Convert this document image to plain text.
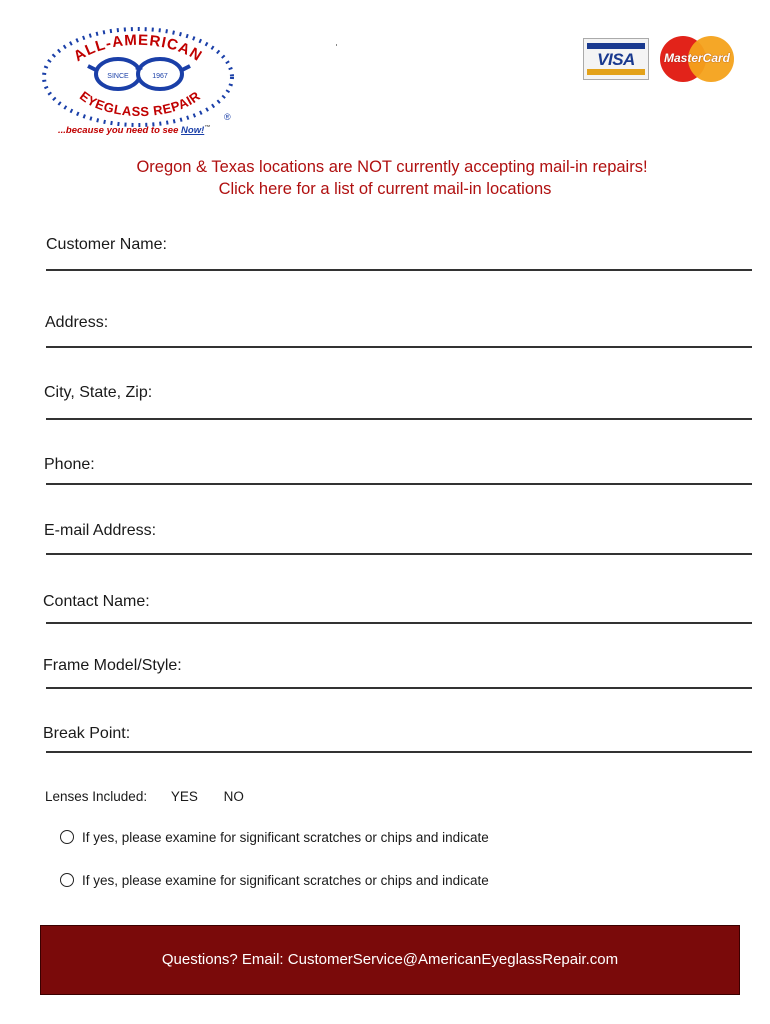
ALL-AMERICAN
EYEGLASS REPAIR
SINCE	1967
®
...because you need to see Now!™
VISA	MasterCard
Oregon & Texas locations are NOT currently accepting mail-in repairs!
Click here for a list of current mail-in locations
Customer Name:
Address:
City, State, Zip:
Phone:
E-mail Address:
Contact Name:
Frame Model/Style:
Break Point:
Lenses Included: YES NO
If yes, please examine for significant scratches or chips and indicate
If yes, please examine for significant scratches or chips and indicate
Questions? Email: CustomerService@AmericanEyeglassRepair.com
